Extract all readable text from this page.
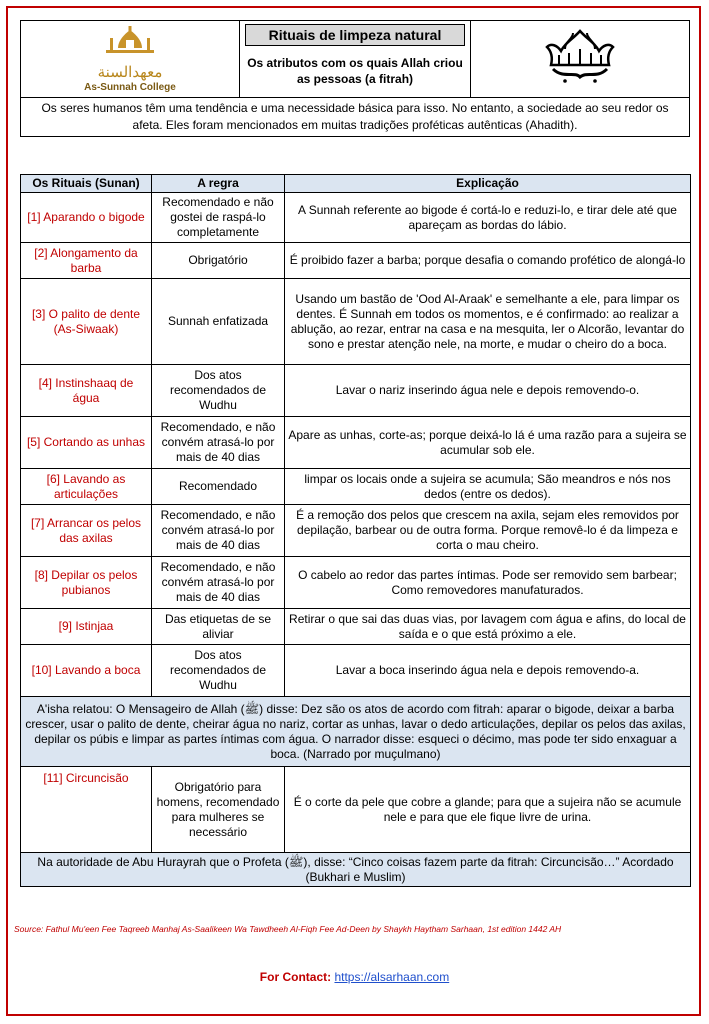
معهدالسنة
As-Sunnah College

Rituais de limpeza natural
Os atributos com os quais Allah criou as pessoas (a fitrah)

Os seres humanos têm uma tendência e uma necessidade básica para isso. No entanto, a sociedade ao seu redor os afeta. Eles foram mencionados em muitas tradições proféticas autênticas (Ahadith).
Os Rituais (Sunan)	A regra	Explicação
[1] Aparando o bigode	Recomendado e não gostei de raspá-lo completamente	A Sunnah referente ao bigode é cortá-lo e reduzi-lo, e tirar dele até que apareçam as bordas do lábio.
[2] Alongamento da barba	Obrigatório	É proibido fazer a barba; porque desafia o comando profético de alongá-lo
[3] O palito de dente (As-Siwaak)	Sunnah enfatizada	Usando um bastão de 'Ood Al-Araak' e semelhante a ele, para limpar os dentes. É Sunnah em todos os momentos, e é confirmado: ao realizar a ablução, ao rezar, entrar na casa e na mesquita, ler o Alcorão, levantar do sono e prestar atenção nele, na morte, e mudar o cheiro do a boca.
[4] Instinshaaq de água	Dos atos recomendados de Wudhu	Lavar o nariz inserindo água nele e depois removendo-o.
[5] Cortando as unhas	Recomendado, e não convém atrasá-lo por mais de 40 dias	Apare as unhas, corte-as; porque deixá-lo lá é uma razão para a sujeira se acumular sob ele.
[6] Lavando as articulações	Recomendado	limpar os locais onde a sujeira se acumula; São meandros e nós nos dedos (entre os dedos).
[7] Arrancar os pelos das axilas	Recomendado, e não convém atrasá-lo por mais de 40 dias	É a remoção dos pelos que crescem na axila, sejam eles removidos por depilação, barbear ou de outra forma. Porque removê-lo é da limpeza e corta o mau cheiro.
[8] Depilar os pelos pubianos	Recomendado, e não convém atrasá-lo por mais de 40 dias	O cabelo ao redor das partes íntimas. Pode ser removido sem barbear; Como removedores manufaturados.
[9] Istinjaa	Das etiquetas de se aliviar	Retirar o que sai das duas vias, por lavagem com água e afins, do local de saída e o que está próximo a ele.
[10] Lavando a boca	Dos atos recomendados de Wudhu	Lavar a boca inserindo água nela e depois removendo-a.
A'isha relatou: O Mensageiro de Allah (ﷺ) disse: Dez são os atos de acordo com fitrah: aparar o bigode, deixar a barba crescer, usar o palito de dente, cheirar água no nariz, cortar as unhas, lavar o dedo articulações, depilar os pelos das axilas, depilar os púbis e limpar as partes íntimas com água. O narrador disse: esqueci o décimo, mas pode ter sido enxaguar a boca. (Narrado por muçulmano)		
[11] Circuncisão	Obrigatório para homens, recomendado para mulheres se necessário	É o corte da pele que cobre a glande; para que a sujeira não se acumule nele e para que ele fique livre de urina.
Na autoridade de Abu Hurayrah que o Profeta (ﷺ), disse: “Cinco coisas fazem parte da fitrah: Circuncisão…” Acordado (Bukhari e Muslim)		
Source: Fathul Mu'een Fee Taqreeb Manhaj As-Saalikeen Wa Tawdheeh Al-Fiqh Fee Ad-Deen by Shaykh Haytham Sarhaan, 1st edition 1442 AH
For Contact: https://alsarhaan.com
